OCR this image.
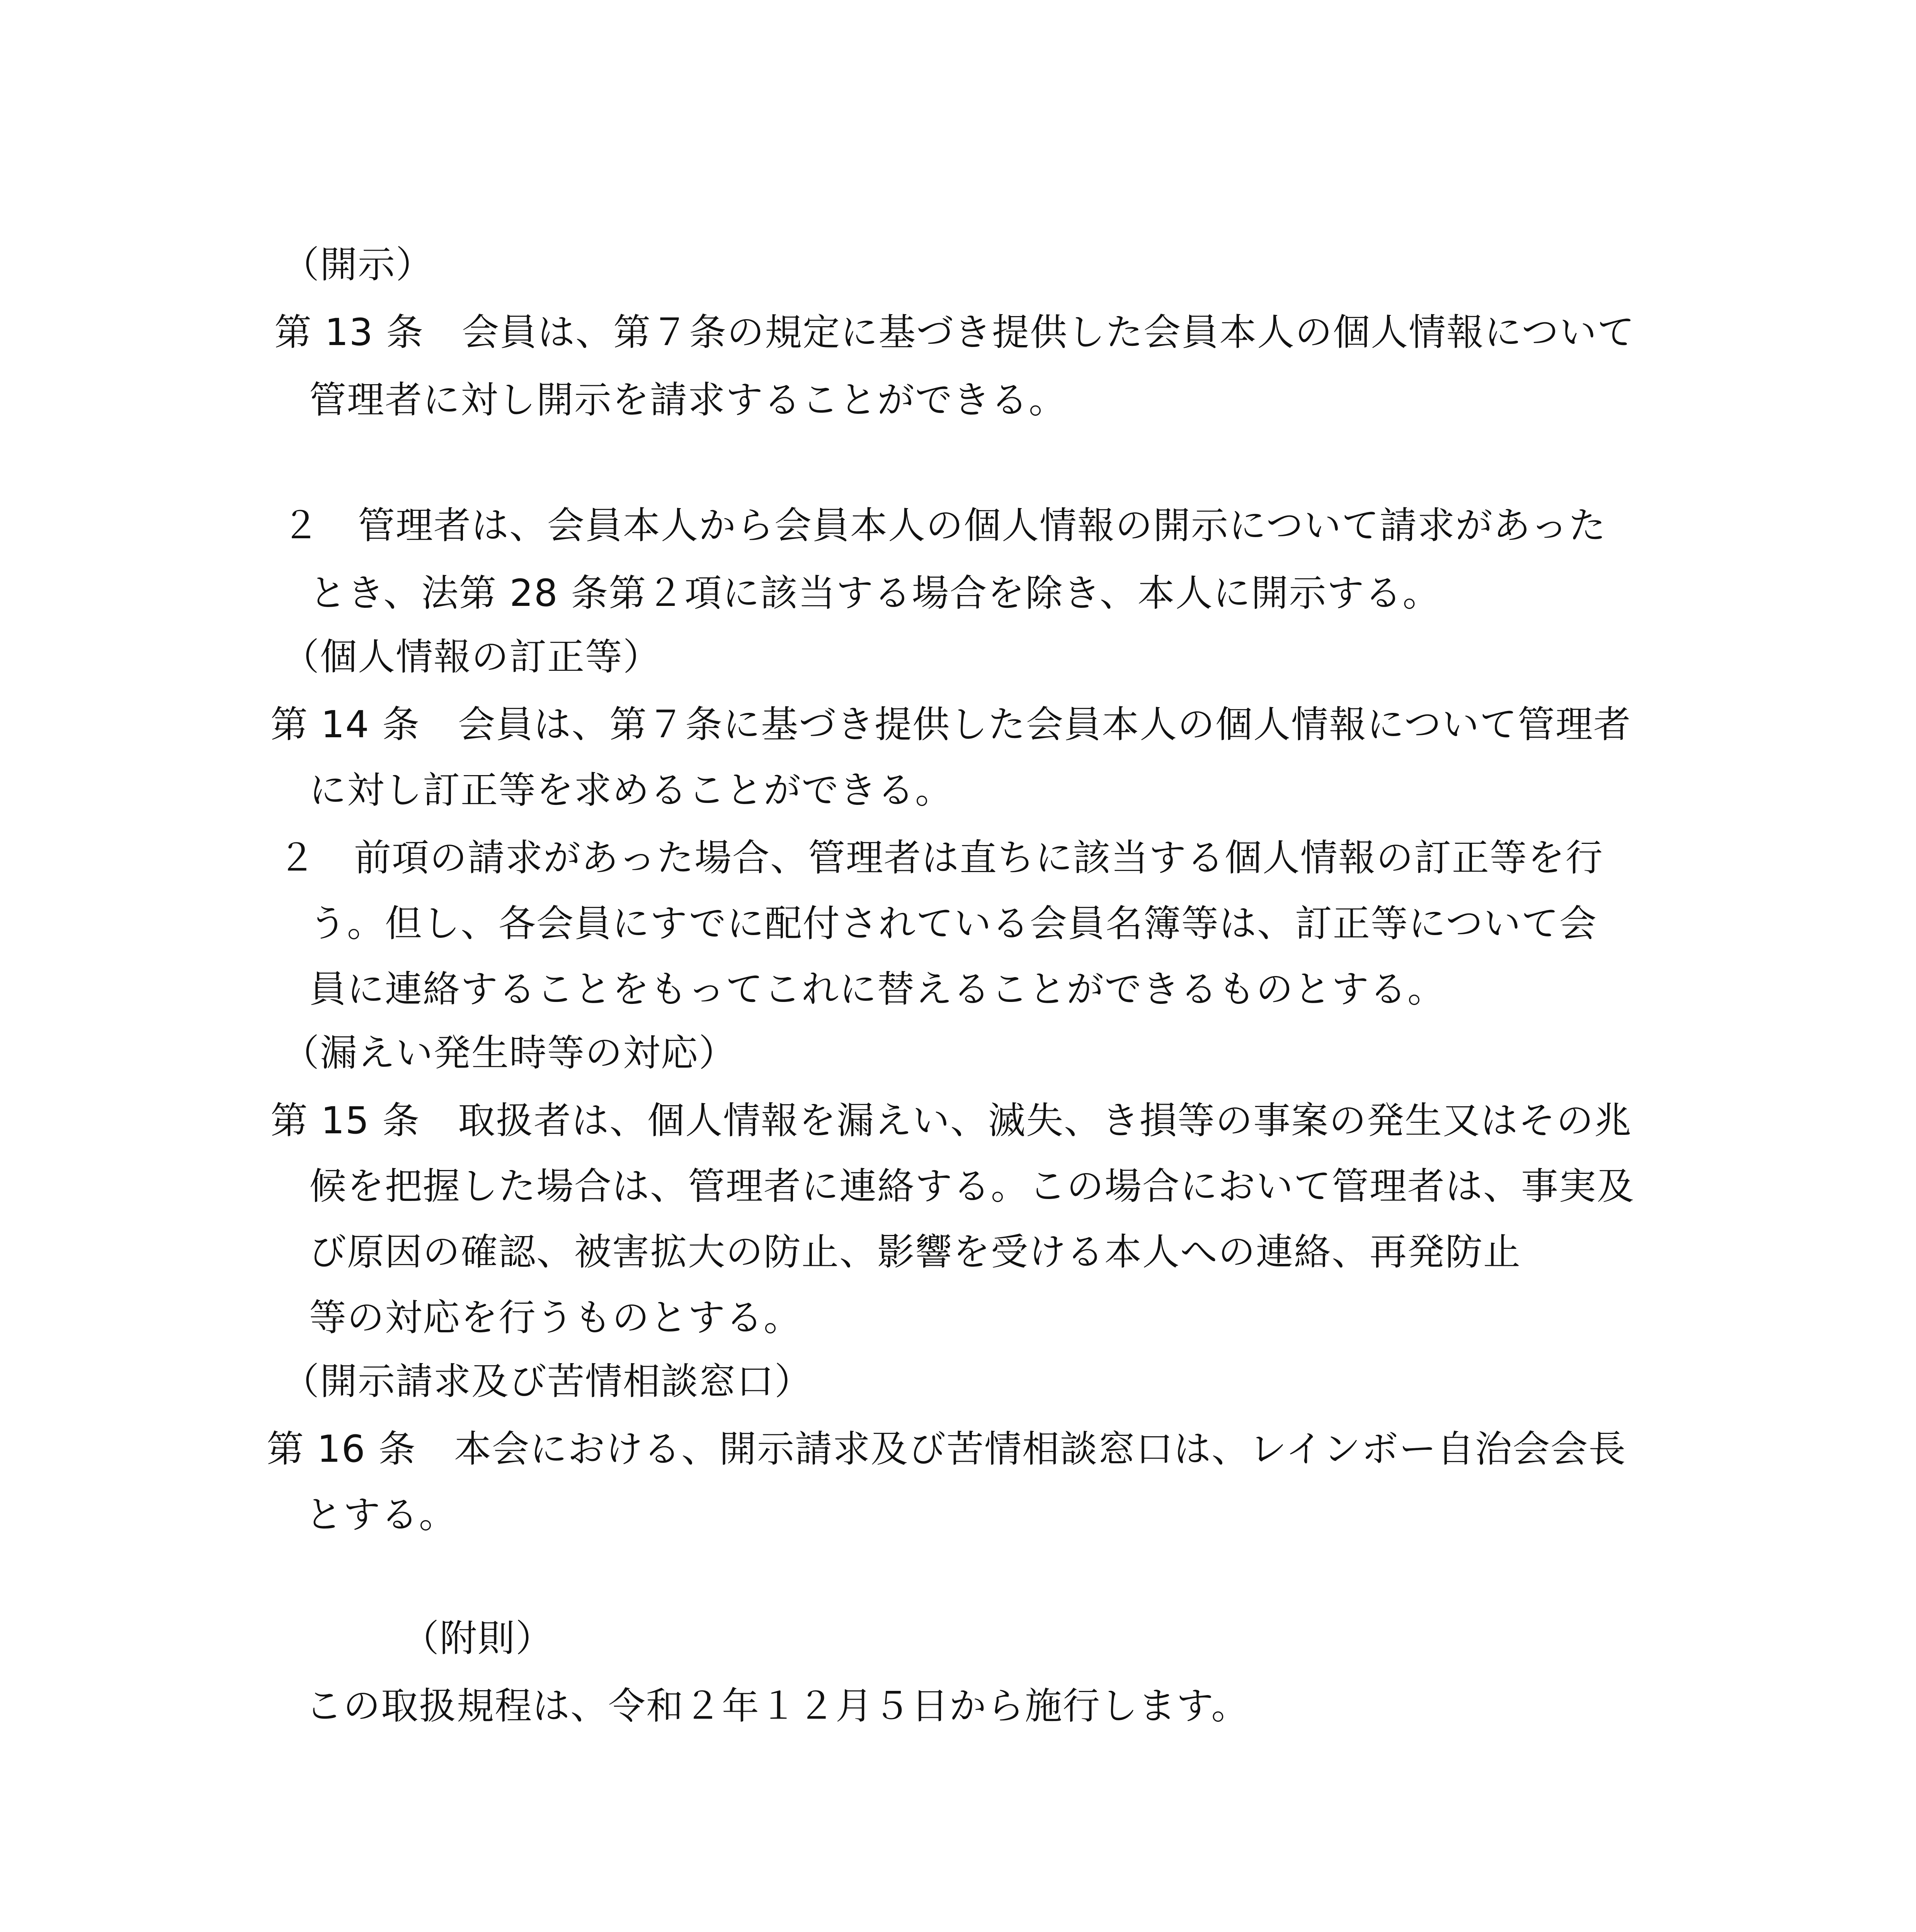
（開示）
第 13 条　会員は、第７条の規定に基づき提供した会員本人の個人情報について
管理者に対し開示を請求することができる。
２　管理者は、会員本人から会員本人の個人情報の開示について請求があった
とき、法第 28 条第２項に該当する場合を除き、本人に開示する。
（個人情報の訂正等）
第 14 条　会員は、第７条に基づき提供した会員本人の個人情報について管理者
に対し訂正等を求めることができる。
２　前項の請求があった場合、管理者は直ちに該当する個人情報の訂正等を行
う。但し、各会員にすでに配付されている会員名簿等は、訂正等について会
員に連絡することをもってこれに替えることができるものとする。
（漏えい発生時等の対応）
第 15 条　取扱者は、個人情報を漏えい、滅失、き損等の事案の発生又はその兆
候を把握した場合は、管理者に連絡する。この場合において管理者は、事実及
び原因の確認、被害拡大の防止、影響を受ける本人への連絡、再発防止
等の対応を行うものとする。
（開示請求及び苦情相談窓口）
第 16 条　本会における、開示請求及び苦情相談窓口は、レインボー自治会会長
とする。
（附則）
この取扱規程は、令和２年１２月５日から施行します。
